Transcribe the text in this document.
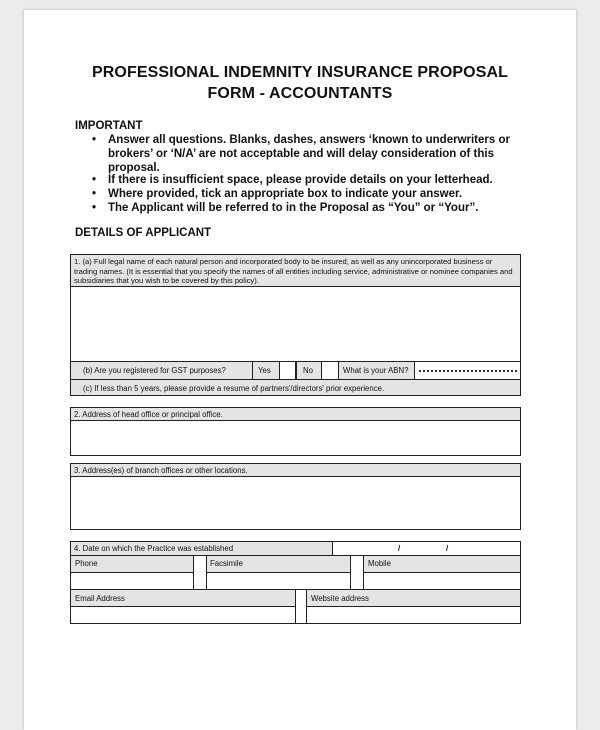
PROFESSIONAL INDEMNITY INSURANCE PROPOSAL
FORM - ACCOUNTANTS
IMPORTANT
• Answer all questions. Blanks, dashes, answers ‘known to underwriters or brokers’ or ‘N/A’ are not acceptable and will delay consideration of this proposal.
• If there is insufficient space, please provide details on your letterhead.
• Where provided, tick an appropriate box to indicate your answer.
• The Applicant will be referred to in the Proposal as “You” or “Your”.
DETAILS OF APPLICANT
1. (a) Full legal name of each natural person and incorporated body to be insured, as well as any unincorporated business or trading names. (It is essential that you specify the names of all entities including service, administrative or nominee companies and subsidiaries that you wish to be covered by this policy).
(b) Are you registered for GST purposes?	Yes	No	What is your ABN?
(c) If less than 5 years, please provide a resume of partners'/directors' prior experience.
2. Address of head office or principal office.
3. Address(es) of branch offices or other locations.
4. Date on which the Practice was established	/	/
Phone	Facsimile	Mobile
Email Address	Website address
